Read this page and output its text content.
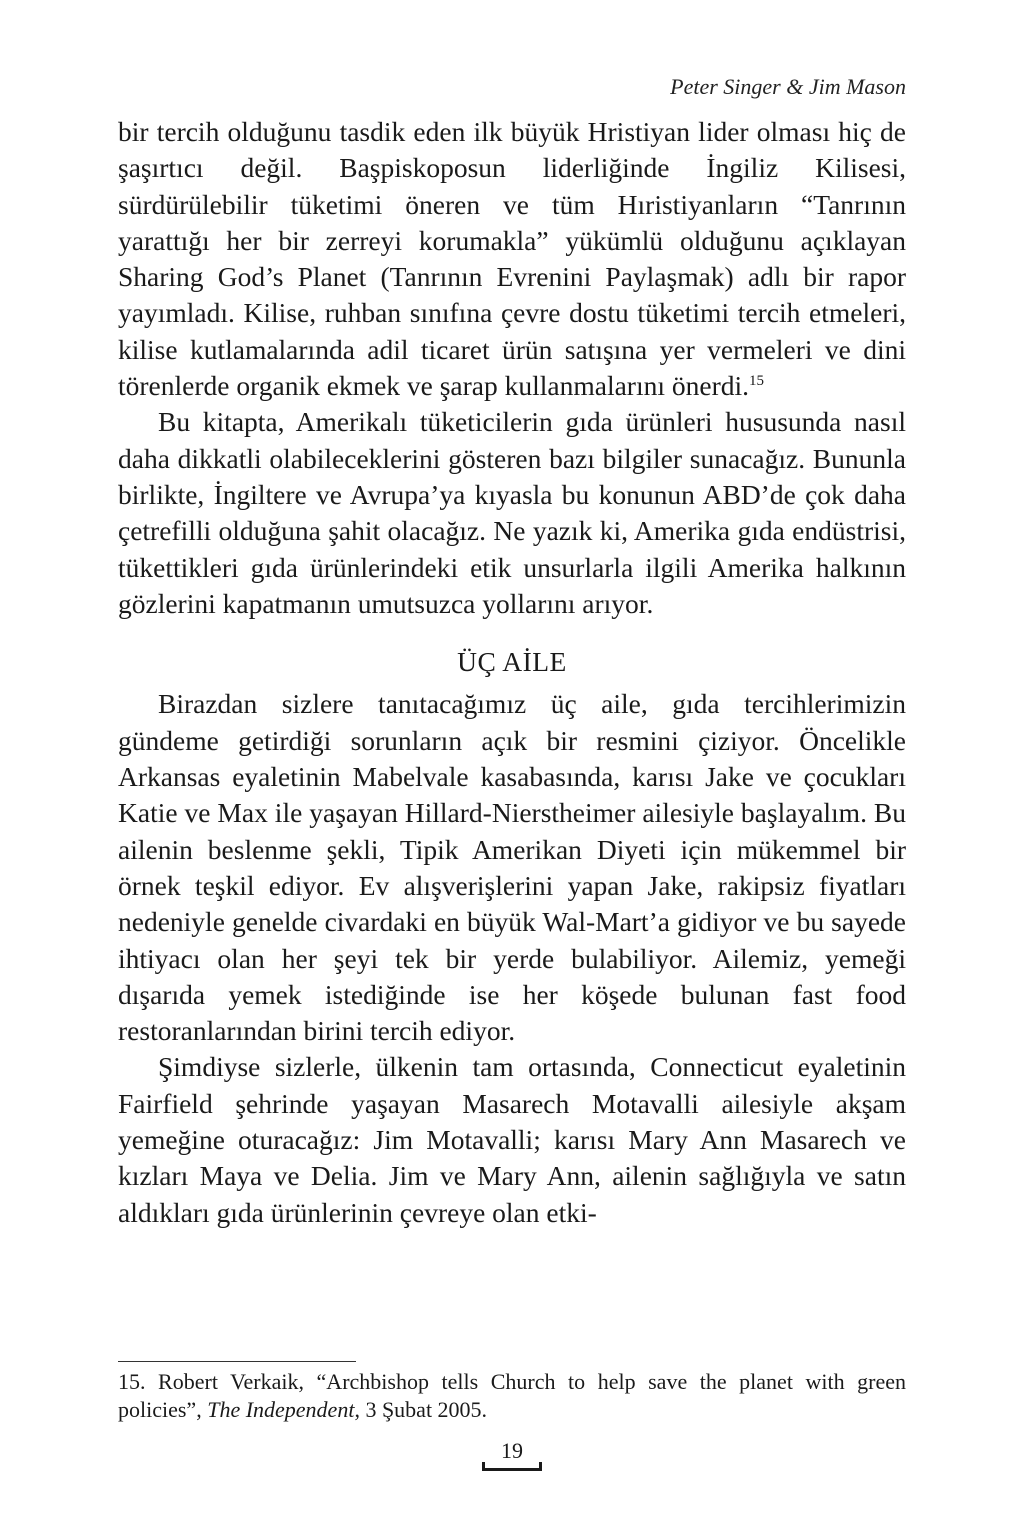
Peter Singer & Jim Mason

bir tercih olduğunu tasdik eden ilk büyük Hristiyan lider olması hiç de şaşırtıcı değil. Başpiskoposun liderliğinde İngiliz Kilisesi, sürdürülebilir tüketimi öneren ve tüm Hıristiyanların “Tanrının yarattığı her bir zerreyi korumakla” yükümlü olduğunu açıklayan Sharing God’s Planet (Tanrının Evrenini Paylaşmak) adlı bir rapor yayımladı. Kilise, ruhban sınıfına çevre dostu tüketimi tercih etmeleri, kilise kutlamalarında adil ticaret ürün satışına yer vermeleri ve dini törenlerde organik ekmek ve şarap kullanmalarını önerdi.$^{15}$

Bu kitapta, Amerikalı tüketicilerin gıda ürünleri hususunda nasıl daha dikkatli olabileceklerini gösteren bazı bilgiler sunacağız. Bununla birlikte, İngiltere ve Avrupa’ya kıyasla bu konunun ABD’de çok daha çetrefilli olduğuna şahit olacağız. Ne yazık ki, Amerika gıda endüstrisi, tükettikleri gıda ürünlerindeki etik unsurlarla ilgili Amerika halkının gözlerini kapatmanın umutsuzca yollarını arıyor.

ÜÇ AİLE

Birazdan sizlere tanıtacağımız üç aile, gıda tercihlerimizin gündeme getirdiği sorunların açık bir resmini çiziyor. Öncelikle Arkansas eyaletinin Mabelvale kasabasında, karısı Jake ve çocukları Katie ve Max ile yaşayan Hillard-Nierstheimer ailesiyle başlayalım. Bu ailenin beslenme şekli, Tipik Amerikan Diyeti için mükemmel bir örnek teşkil ediyor. Ev alışverişlerini yapan Jake, rakipsiz fiyatları nedeniyle genelde civardaki en büyük Wal-Mart’a gidiyor ve bu sayede ihtiyacı olan her şeyi tek bir yerde bulabiliyor. Ailemiz, yemeği dışarıda yemek istediğinde ise her köşede bulunan fast food restoranlarından birini tercih ediyor.

Şimdiyse sizlerle, ülkenin tam ortasında, Connecticut eyaletinin Fairfield şehrinde yaşayan Masarech Motavalli ailesiyle akşam yemeğine oturacağız: Jim Motavalli; karısı Mary Ann Masarech ve kızları Maya ve Delia. Jim ve Mary Ann, ailenin sağlığıyla ve satın aldıkları gıda ürünlerinin çevreye olan etki-

15. Robert Verkaik, “Archbishop tells Church to help save the planet with green policies”, The Independent, 3 Şubat 2005.
19
